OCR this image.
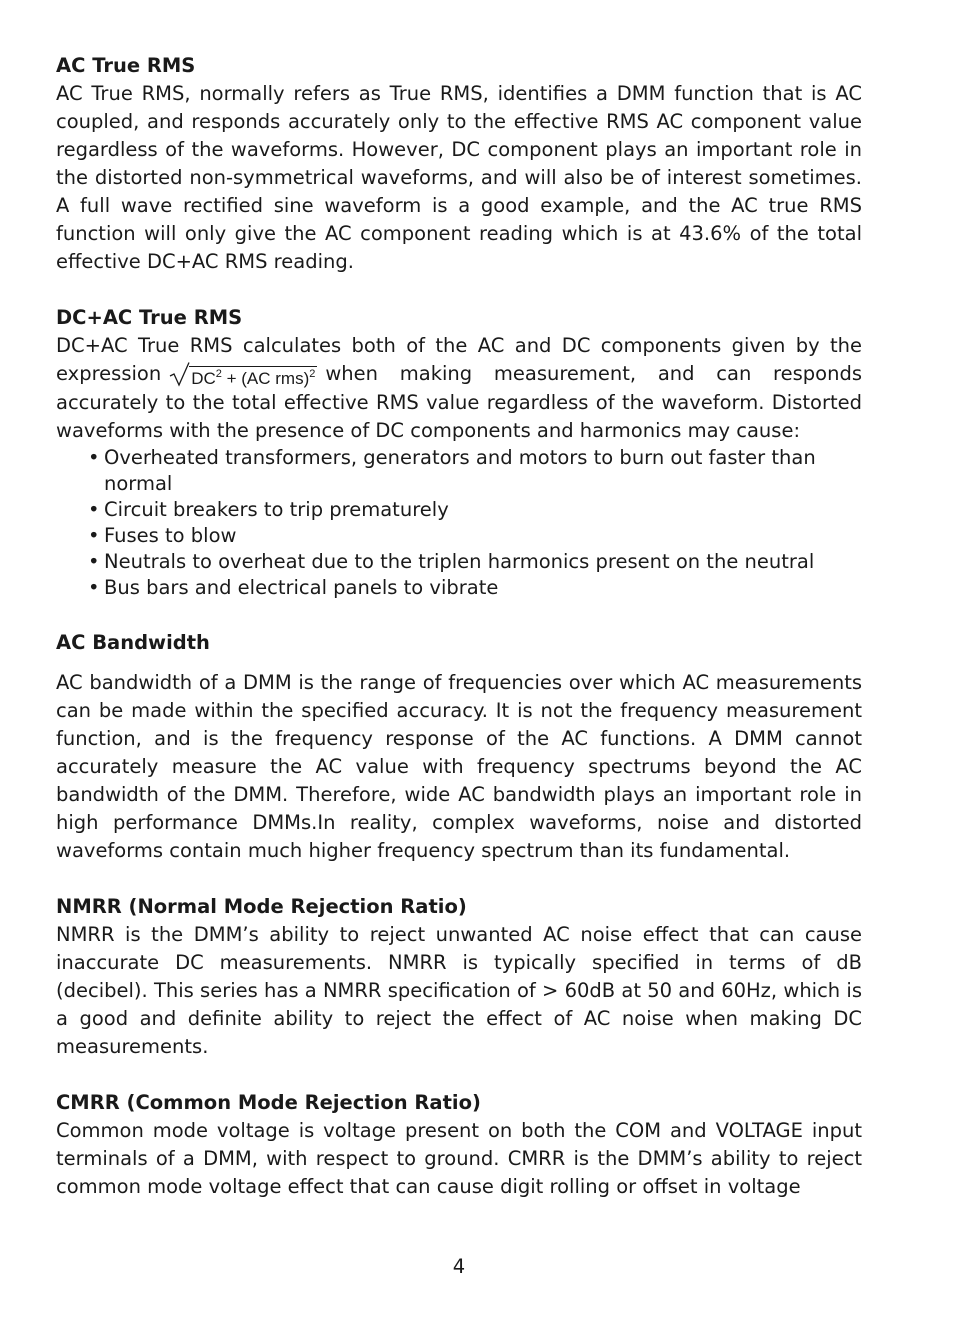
AC True RMS

AC True RMS, normally refers as True RMS, identifies a DMM function that is AC coupled, and responds accurately only to the effective RMS AC component value regardless of the waveforms. However, DC component plays an important role in the distorted non-symmetrical waveforms, and will also be of interest sometimes. A full wave rectified sine waveform is a good example, and the AC true RMS function will only give the AC component reading which is at 43.6% of the total effective DC+AC RMS reading.

DC+AC True RMS

DC+AC True RMS calculates both of the AC and DC components given by the expression $DC^2 + (AC$ rms)$^2$ when making measurement, and can responds accurately to the total effective RMS value regardless of the waveform. Distorted waveforms with the presence of DC components and harmonics may cause:

• Overheated transformers, generators and motors to burn out faster than normal
• Circuit breakers to trip prematurely
• Fuses to blow
• Neutrals to overheat due to the triplen harmonics present on the neutral
• Bus bars and electrical panels to vibrate
AC Bandwidth

AC bandwidth of a DMM is the range of frequencies over which AC measurements can be made within the specified accuracy. It is not the frequency measurement function, and is the frequency response of the AC functions. A DMM cannot accurately measure the AC value with frequency spectrums beyond the AC bandwidth of the DMM. Therefore, wide AC bandwidth plays an important role in high performance DMMs.In reality, complex waveforms, noise and distorted waveforms contain much higher frequency spectrum than its fundamental.

NMRR (Normal Mode Rejection Ratio)

NMRR is the DMM’s ability to reject unwanted AC noise effect that can cause inaccurate DC measurements. NMRR is typically specified in terms of dB (decibel). This series has a NMRR specification of > 60dB at 50 and 60Hz, which is a good and definite ability to reject the effect of AC noise when making DC measurements.

CMRR (Common Mode Rejection Ratio)

Common mode voltage is voltage present on both the COM and VOLTAGE input terminals of a DMM, with respect to ground. CMRR is the DMM’s ability to reject common mode voltage effect that can cause digit rolling or offset in voltage

4
